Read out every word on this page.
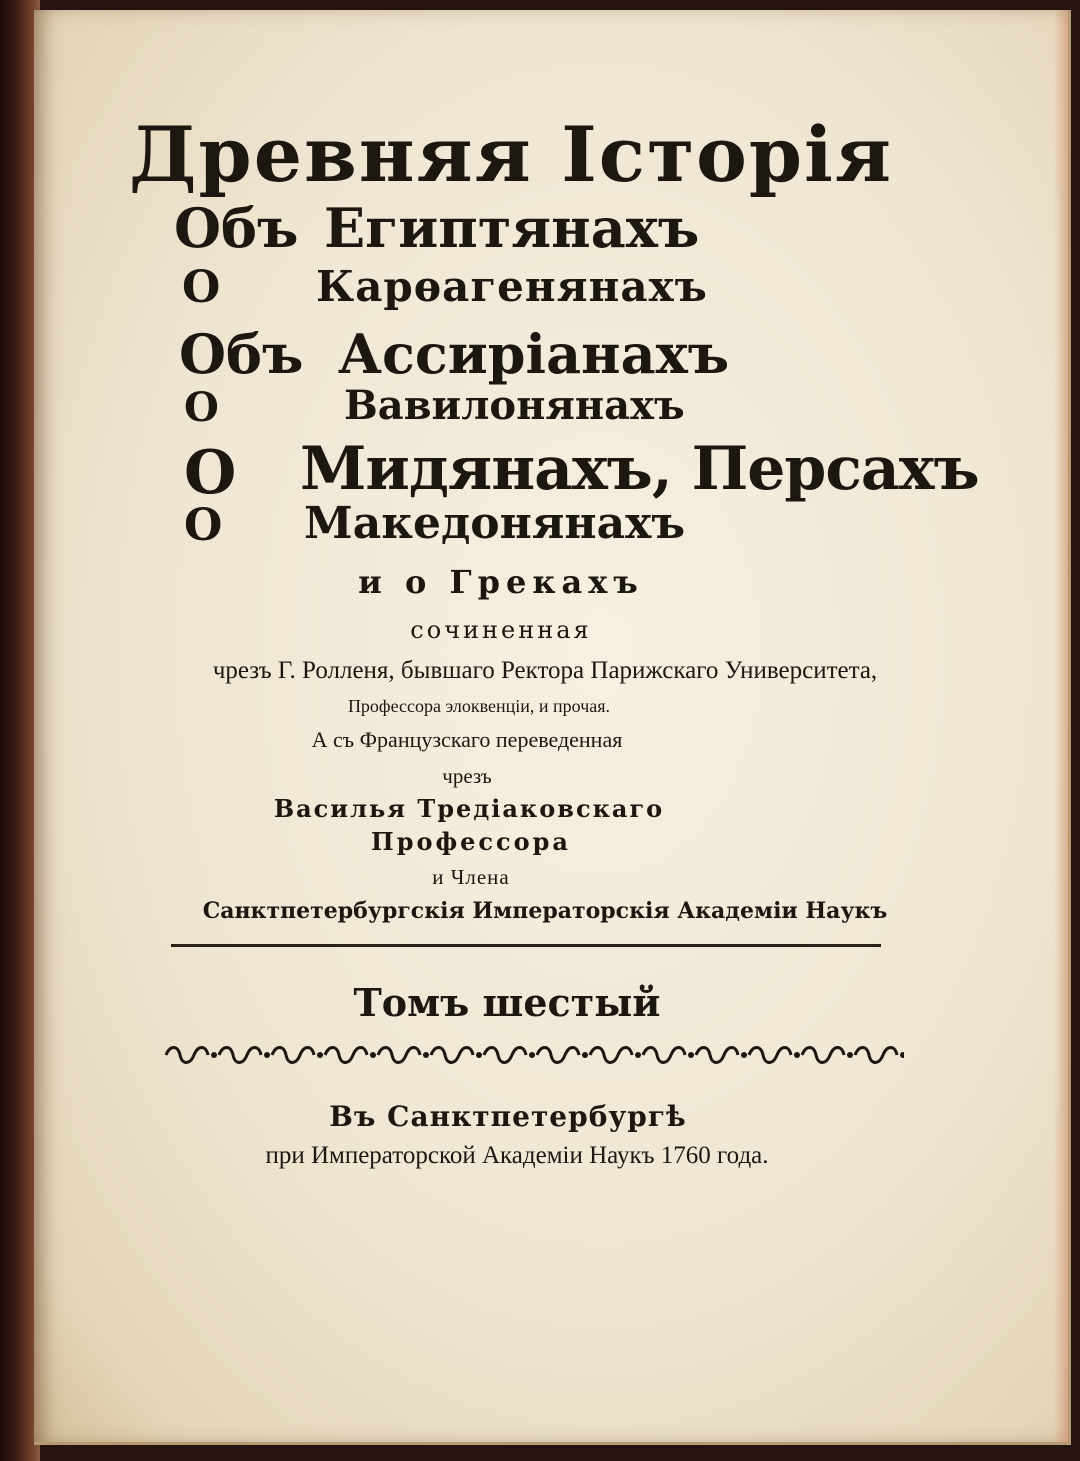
Древняя Історія
Объ Египтянахъ
О Карѳагенянахъ
Объ Ассиріанахъ
О	Вавилонянахъ
О Мидянахъ, Персахъ
О Македонянахъ
и о Грекахъ
сочиненная
чрезъ Г. Ролленя, бывшаго Ректора Парижскаго Университета,
Профессора элоквенціи, и прочая.
А съ Французскаго переведенная
чрезъ
Василья Тредіаковскаго
Профессора
и Члена
Санктпетербургскія Императорскія Академіи Наукъ
Томъ шестый
Въ Санктпетербургѣ
при Императорской Академіи Наукъ 1760 года.
